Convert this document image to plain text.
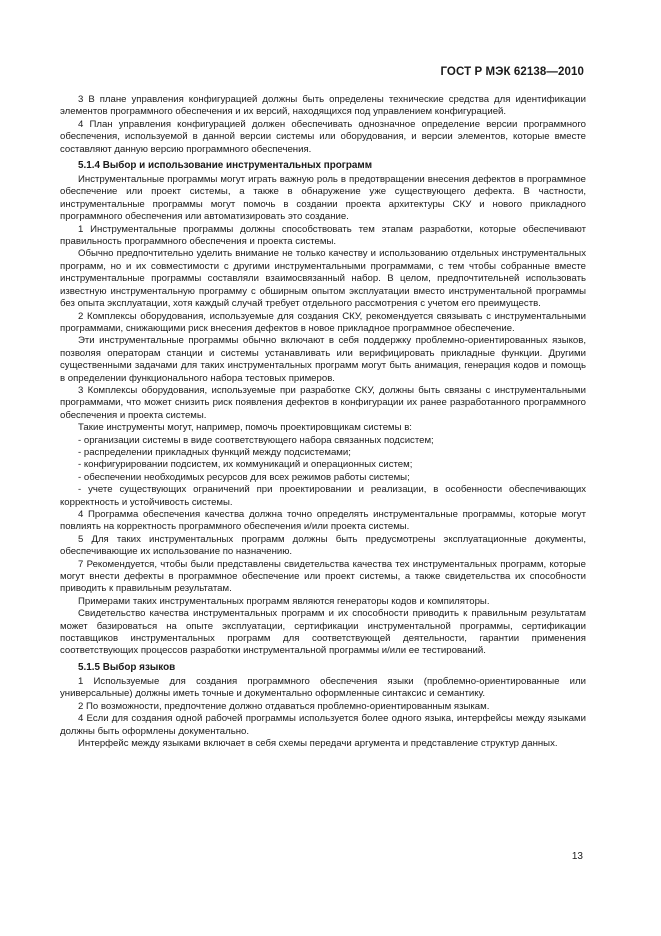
ГОСТ Р МЭК 62138—2010

3 В плане управления конфигурацией должны быть определены технические средства для идентификации элементов программного обеспечения и их версий, находящихся под управлением конфигурацией.

4 План управления конфигурацией должен обеспечивать однозначное определение версии программного обеспечения, используемой в данной версии системы или оборудования, и версии элементов, которые вместе составляют данную версию программного обеспечения.

5.1.4 Выбор и использование инструментальных программ

Инструментальные программы могут играть важную роль в предотвращении внесения дефектов в программное обеспечение или проект системы, а также в обнаружение уже существующего дефекта. В частности, инструментальные программы могут помочь в создании проекта архитектуры СКУ и нового прикладного программного обеспечения или автоматизировать это создание.

1 Инструментальные программы должны способствовать тем этапам разработки, которые обеспечивают правильность программного обеспечения и проекта системы.

Обычно предпочтительно уделить внимание не только качеству и использованию отдельных инструментальных программ, но и их совместимости с другими инструментальными программами, с тем чтобы собранные вместе инструментальные программы составляли взаимосвязанный набор. В целом, предпочтительней использовать известную инструментальную программу с обширным опытом эксплуатации вместо инструментальной программы без опыта эксплуатации, хотя каждый случай требует отдельного рассмотрения с учетом его преимуществ.

2 Комплексы оборудования, используемые для создания СКУ, рекомендуется связывать с инструментальными программами, снижающими риск внесения дефектов в новое прикладное программное обеспечение.

Эти инструментальные программы обычно включают в себя поддержку проблемно-ориентированных языков, позволяя операторам станции и системы устанавливать или верифицировать прикладные функции. Другими существенными задачами для таких инструментальных программ могут быть анимация, генерация кодов и помощь в определении функционального набора тестовых примеров.

3 Комплексы оборудования, используемые при разработке СКУ, должны быть связаны с инструментальными программами, что может снизить риск появления дефектов в конфигурации их ранее разработанного программного обеспечения и проекта системы.

Такие инструменты могут, например, помочь проектировщикам системы в:

- организации системы в виде соответствующего набора связанных подсистем;

- распределении прикладных функций между подсистемами;

- конфигурировании подсистем, их коммуникаций и операционных систем;

- обеспечении необходимых ресурсов для всех режимов работы системы;

- учете существующих ограничений при проектировании и реализации, в особенности обеспечивающих корректность и устойчивость системы.

4 Программа обеспечения качества должна точно определять инструментальные программы, которые могут повлиять на корректность программного обеспечения и/или проекта системы.

5 Для таких инструментальных программ должны быть предусмотрены эксплуатационные документы, обеспечивающие их использование по назначению.

7 Рекомендуется, чтобы были представлены свидетельства качества тех инструментальных программ, которые могут внести дефекты в программное обеспечение или проект системы, а также свидетельства их способности приводить к правильным результатам.

Примерами таких инструментальных программ являются генераторы кодов и компиляторы.

Свидетельство качества инструментальных программ и их способности приводить к правильным результатам может базироваться на опыте эксплуатации, сертификации инструментальной программы, сертификации поставщиков инструментальных программ для соответствующей деятельности, гарантии применения соответствующих процессов разработки инструментальной программы и/или ее тестирований.

5.1.5 Выбор языков

1 Используемые для создания программного обеспечения языки (проблемно-ориентированные или универсальные) должны иметь точные и документально оформленные синтаксис и семантику.

2 По возможности, предпочтение должно отдаваться проблемно-ориентированным языкам.

4 Если для создания одной рабочей программы используется более одного языка, интерфейсы между языками должны быть оформлены документально.

Интерфейс между языками включает в себя схемы передачи аргумента и представление структур данных.

13
